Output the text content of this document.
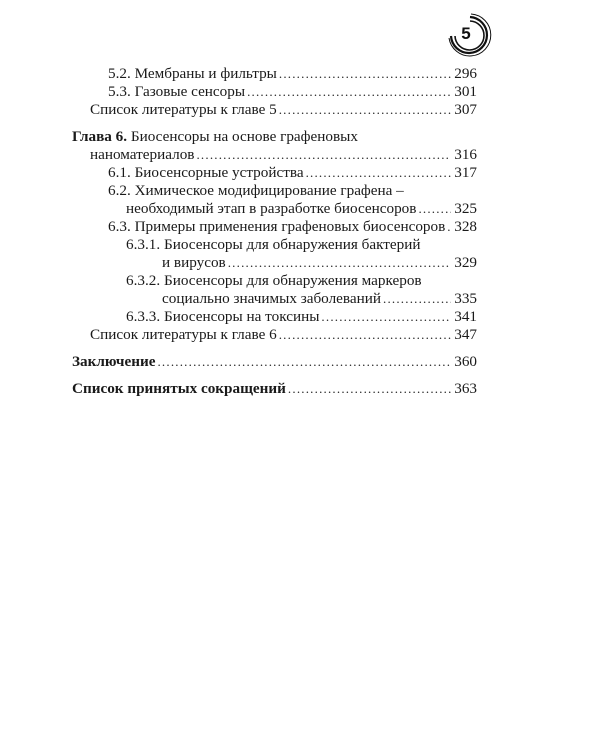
5
5.2. Мембраны и фильтры .....	296
5.3. Газовые сенсоры .....	301
Список литературы к главе 5 .....	307
Глава 6. Биосенсоры на основе графеновых
наноматериалов .....	316
6.1. Биосенсорные устройства .....	317
6.2. Химическое модифицирование графена –
необходимый этап в разработке биосенсоров ..... 325
6.3. Примеры применения графеновых биосенсоров ..... 328
6.3.1. Биосенсоры для обнаружения бактерий
и вирусов .....	329
6.3.2. Биосенсоры для обнаружения маркеров
социально значимых заболеваний .....	335
6.3.3. Биосенсоры на токсины .....	341
Список литературы к главе 6 .....	347
Заключение .....	360
Список принятых сокращений .....	363
